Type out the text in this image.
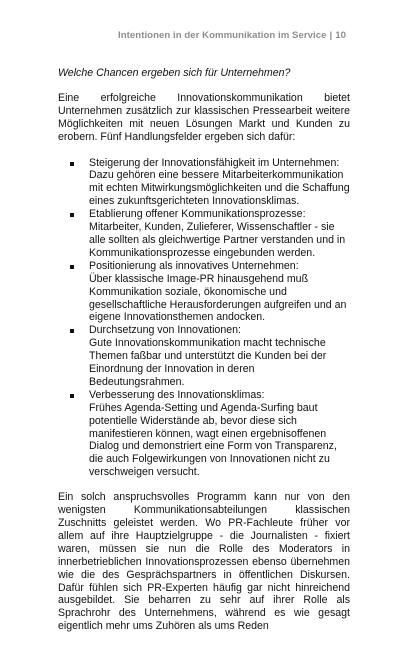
Intentionen in der Kommunikation im Service | 10

Welche Chancen ergeben sich für Unternehmen?

Eine erfolgreiche Innovationskommunikation bietet Unternehmen zusätzlich zur klassischen Pressearbeit weitere Möglichkeiten mit neuen Lösungen Markt und Kunden zu erobern. Fünf Handlungsfelder ergeben sich dafür:

Steigerung der Innovationsfähigkeit im Unternehmen:
Dazu gehören eine bessere Mitarbeiterkommunikation mit echten Mitwirkungsmöglichkeiten und die Schaffung eines zukunftsgerichteten Innovationsklimas.
Etablierung offener Kommunikationsprozesse:
Mitarbeiter, Kunden, Zulieferer, Wissenschaftler - sie alle sollten als gleichwertige Partner verstanden und in Kommunikationsprozesse eingebunden werden.
Positionierung als innovatives Unternehmen:
Über klassische Image-PR hinausgehend muß Kommunikation soziale, ökonomische und gesellschaftliche Herausforderungen aufgreifen und an eigene Innovationsthemen andocken.
Durchsetzung von Innovationen:
Gute Innovationskommunikation macht technische Themen faßbar und unterstützt die Kunden bei der Einordnung der Innovation in deren Bedeutungsrahmen.
Verbesserung des Innovationsklimas:
Frühes Agenda-Setting und Agenda-Surfing baut potentielle Widerstände ab, bevor diese sich manifestieren können, wagt einen ergebnisoffenen Dialog und demonstriert eine Form von Transparenz, die auch Folgewirkungen von Innovationen nicht zu verschweigen versucht.

Ein solch anspruchsvolles Programm kann nur von den wenigsten Kommunikationsabteilungen klassischen Zuschnitts geleistet werden. Wo PR-Fachleute früher vor allem auf ihre Hauptzielgruppe - die Journalisten - fixiert waren, müssen sie nun die Rolle des Moderators in innerbetrieblichen Innovationsprozessen ebenso übernehmen wie die des Gesprächspartners in öffentlichen Diskursen. Dafür fühlen sich PR-Experten häufig gar nicht hinreichend ausgebildet. Sie beharren zu sehr auf ihrer Rolle als Sprachrohr des Unternehmens, während es wie gesagt eigentlich mehr ums Zuhören als ums Reden
